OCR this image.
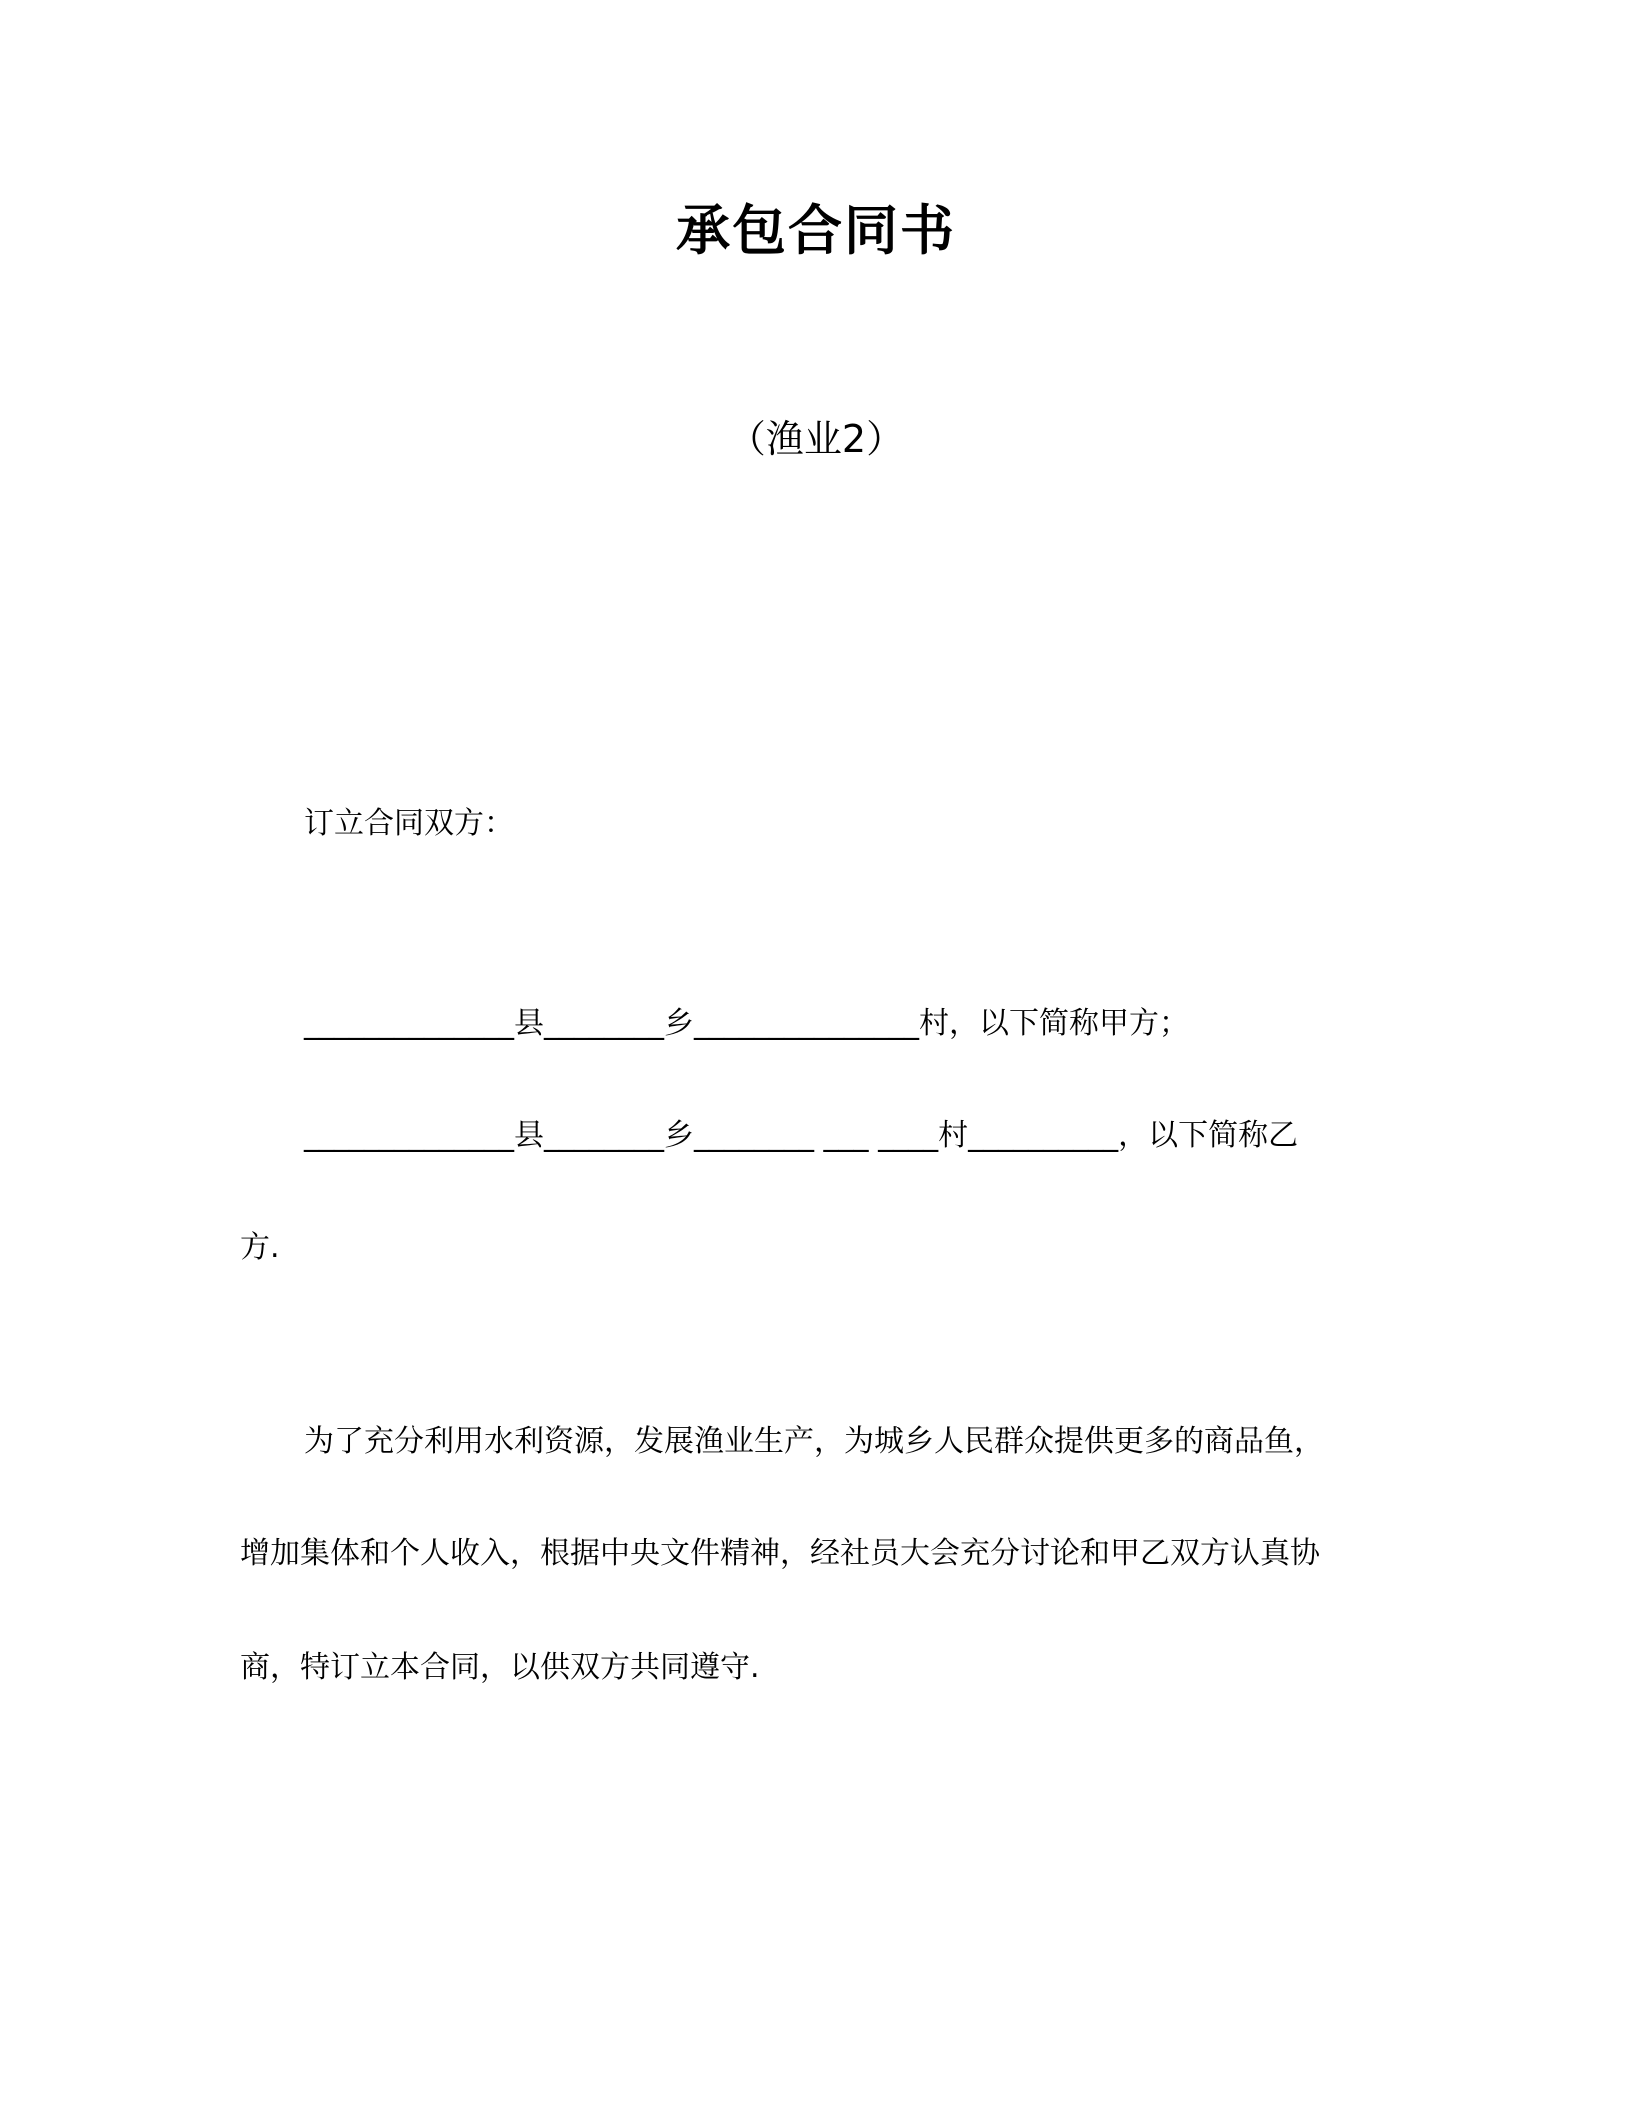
承包合同书
（渔业2）
订立合同双方：
______________县________乡_______________村，以下简称甲方；
______________县________乡________ ___ ____村__________，以下简称乙
方.
为了充分利用水利资源，发展渔业生产，为城乡人民群众提供更多的商品鱼，
增加集体和个人收入，根据中央文件精神，经社员大会充分讨论和甲乙双方认真协
商，特订立本合同，以供双方共同遵守.
